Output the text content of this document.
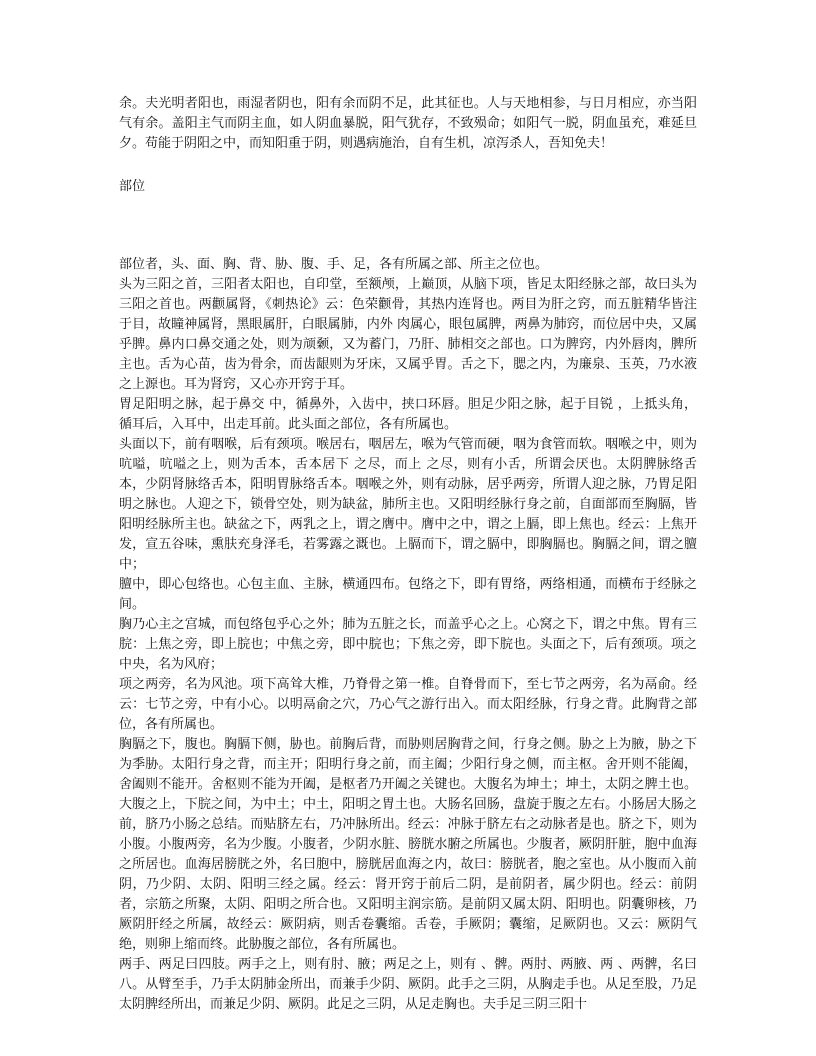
余。夫光明者阳也，雨湿者阴也，阳有余而阴不足，此其征也。人与天地相参，与日月相应，亦当阳气有余。盖阳主气而阴主血，如人阴血暴脱，阳气犹存，不致殒命；如阳气一脱，阴血虽充，难延旦夕。苟能于阴阳之中，而知阳重于阴，则遇病施治，自有生机，凉泻杀人，吾知免夫！

部位

部位者，头、面、胸、背、胁、腹、手、足，各有所属之部、所主之位也。

头为三阳之首，三阳者太阳也，自印堂，至额颅，上巅顶，从脑下项，皆足太阳经脉之部，故曰头为三阳之首也。两颧属肾，《刺热论》云：色荣颧骨，其热内连肾也。两目为肝之窍，而五脏精华皆注于目，故瞳神属肾，黑眼属肝，白眼属肺，内外 肉属心，眼包属脾，两鼻为肺窍，而位居中央，又属乎脾。鼻内口鼻交通之处，则为颃颡，又为蓄门，乃肝、肺相交之部也。口为脾窍，内外唇肉，脾所主也。舌为心苗，齿为骨余，而齿龈则为牙床，又属乎胃。舌之下，腮之内，为廉泉、玉英，乃水液之上源也。耳为肾窍，又心亦开窍于耳。

胃足阳明之脉，起于鼻交 中，循鼻外，入齿中，挟口环唇。胆足少阳之脉，起于目锐 ，上抵头角，循耳后，入耳中，出走耳前。此头面之部位，各有所属也。

头面以下，前有咽喉，后有颈项。喉居右，咽居左，喉为气管而硬，咽为食管而软。咽喉之中，则为吭嗌，吭嗌之上，则为舌本，舌本居下 之尽，而上 之尽，则有小舌，所谓会厌也。太阴脾脉络舌本，少阴肾脉络舌本，阳明胃脉络舌本。咽喉之外，则有动脉，居乎两旁，所谓人迎之脉，乃胃足阳明之脉也。人迎之下，锁骨空处，则为缺盆，肺所主也。又阳明经脉行身之前，自面部而至胸膈，皆阳明经脉所主也。缺盆之下，两乳之上，谓之膺中。膺中之中，谓之上膈，即上焦也。经云：上焦开发，宣五谷味，熏肤充身泽毛，若雾露之溉也。上膈而下，谓之膈中，即胸膈也。胸膈之间，谓之膻中；

膻中，即心包络也。心包主血、主脉，横通四布。包络之下，即有胃络，两络相通，而横布于经脉之间。

胸乃心主之宫城，而包络包乎心之外；肺为五脏之长，而盖乎心之上。心窝之下，谓之中焦。胃有三脘：上焦之旁，即上脘也；中焦之旁，即中脘也；下焦之旁，即下脘也。头面之下，后有颈项。项之中央，名为风府；

项之两旁，名为风池。项下高耸大椎，乃脊骨之第一椎。自脊骨而下，至七节之两旁，名为鬲俞。经云：七节之旁，中有小心。以明鬲俞之穴，乃心气之游行出入。而太阳经脉，行身之背。此胸背之部位，各有所属也。

胸膈之下，腹也。胸膈下侧，胁也。前胸后背，而胁则居胸背之间，行身之侧。胁之上为腋，胁之下为季胁。太阳行身之背，而主开；阳明行身之前，而主阖；少阳行身之侧，而主枢。舍开则不能阖，舍阖则不能开。舍枢则不能为开阖，是枢者乃开阖之关键也。大腹名为坤土；坤土，太阴之脾土也。大腹之上，下脘之间，为中土；中土，阳明之胃土也。大肠名回肠，盘旋于腹之左右。小肠居大肠之前，脐乃小肠之总结。而贴脐左右，乃冲脉所出。经云：冲脉于脐左右之动脉者是也。脐之下，则为小腹。小腹两旁，名为少腹。小腹者，少阴水脏、膀胱水腑之所属也。少腹者，厥阴肝脏，胞中血海之所居也。血海居膀胱之外，名曰胞中，膀胱居血海之内，故曰：膀胱者，胞之室也。从小腹而入前阴，乃少阴、太阴、阳明三经之属。经云：肾开窍于前后二阴，是前阴者，属少阴也。经云：前阴者，宗筋之所聚，太阴、阳明之所合也。又阳明主润宗筋。是前阴又属太阴、阳明也。阴囊卵核，乃厥阴肝经之所属，故经云：厥阴病，则舌卷囊缩。舌卷，手厥阴；囊缩，足厥阴也。又云：厥阴气绝，则卵上缩而终。此胁腹之部位，各有所属也。

两手、两足曰四肢。两手之上，则有肘、腋；两足之上，则有 、髀。两肘、两腋、两 、两髀，名曰八。从臂至手，乃手太阴肺金所出，而兼手少阴、厥阴。此手之三阴，从胸走手也。从足至股，乃足太阴脾经所出，而兼足少阴、厥阴。此足之三阴，从足走胸也。夫手足三阴三阳十
